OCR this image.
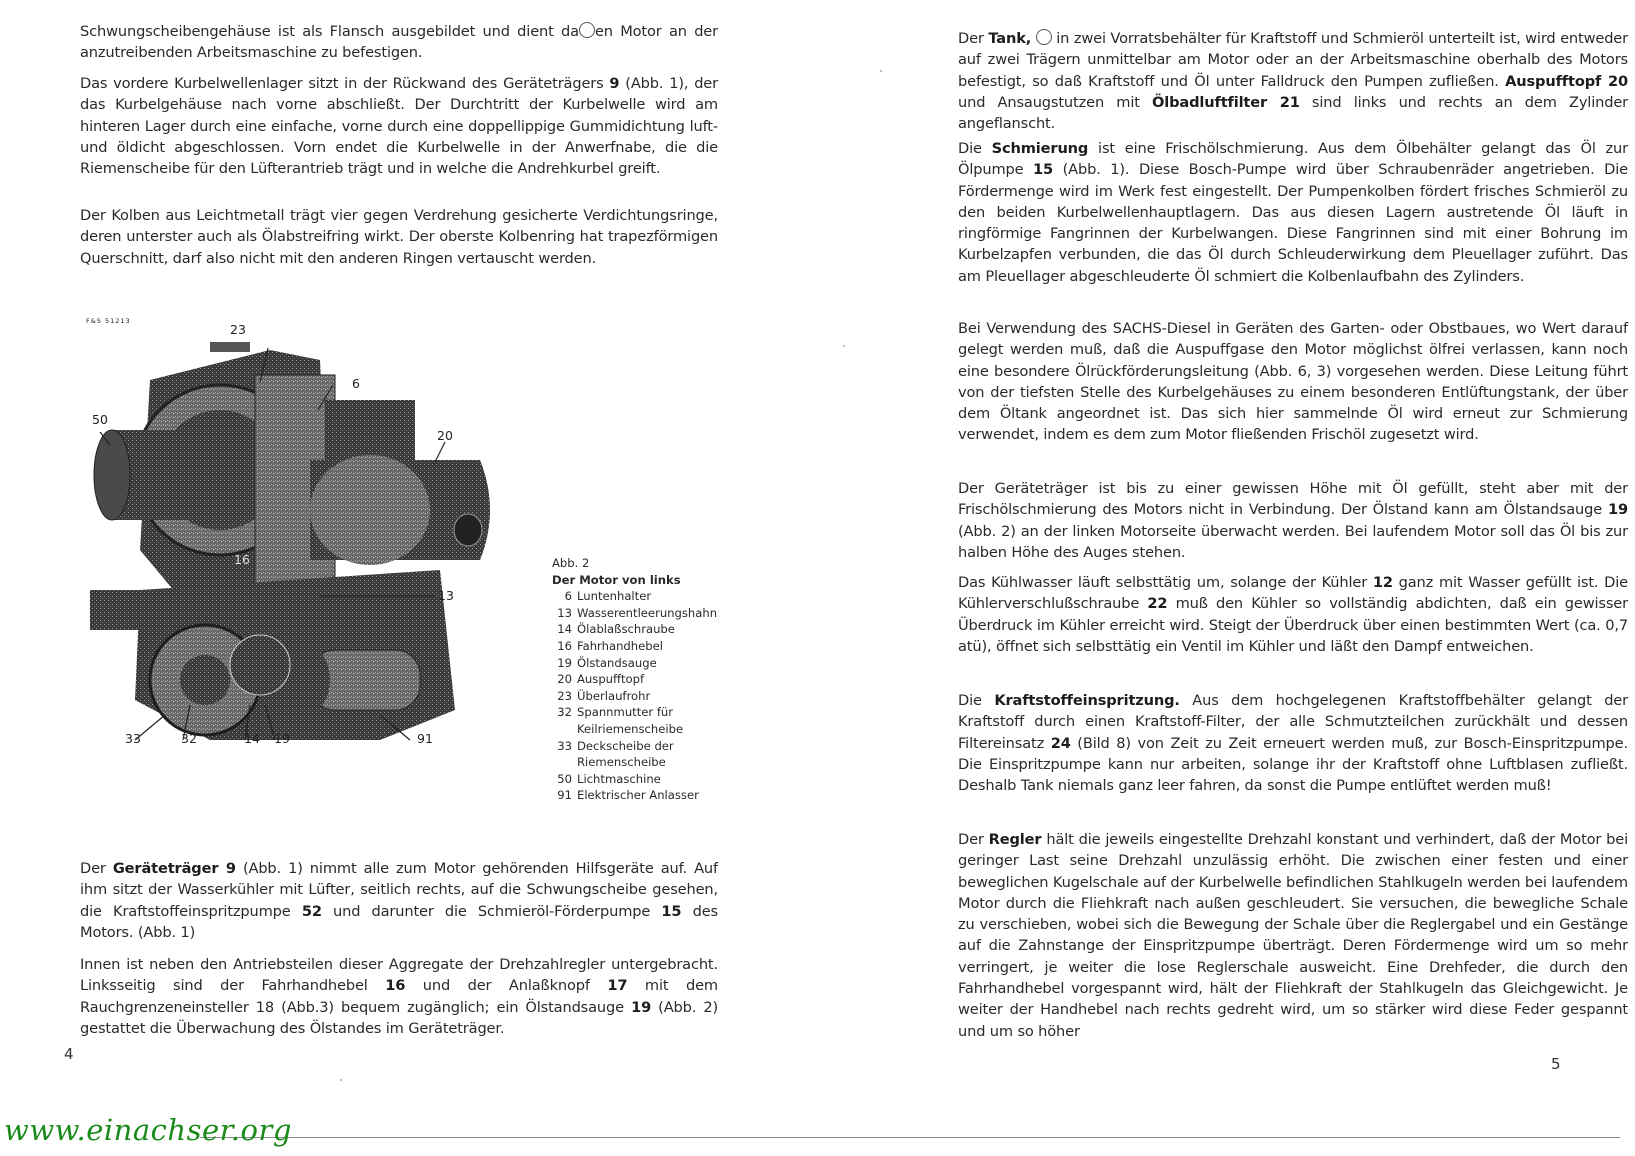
Schwungscheibengehäuse ist als Flansch ausgebildet und dient da en Motor an der anzutreibenden Arbeitsmaschine zu befestigen.

Das vordere Kurbelwellenlager sitzt in der Rückwand des Geräteträgers 9 (Abb. 1), der das Kurbelgehäuse nach vorne abschließt. Der Durchtritt der Kurbelwelle wird am hinteren Lager durch eine einfache, vorne durch eine doppellippige Gummidichtung luft- und öldicht abgeschlossen. Vorn endet die Kurbelwelle in der Anwerfnabe, die die Riemenscheibe für den Lüfterantrieb trägt und in welche die Andrehkurbel greift.

Der Kolben aus Leichtmetall trägt vier gegen Verdrehung gesicherte Verdichtungsringe, deren unterster auch als Ölabstreifring wirkt. Der oberste Kolbenring hat trapezförmigen Querschnitt, darf also nicht mit den anderen Ringen vertauscht werden.

F&S 51213
23
6
50
20
16
13
33	32	14 19	91
Abb. 2
Der Motor von links
6 Luntenhalter
13 Wasserentleerungshahn
14 Ölablaßschraube
16 Fahrhandhebel
19 Ölstandsauge
20 Auspufftopf
23 Überlaufrohr
32 Spannmutter für Keilriemenscheibe
33 Deckscheibe der Riemenscheibe
50 Lichtmaschine
91 Elektrischer Anlasser

Der Geräteträger 9 (Abb. 1) nimmt alle zum Motor gehörenden Hilfsgeräte auf. Auf ihm sitzt der Wasserkühler mit Lüfter, seitlich rechts, auf die Schwungscheibe gesehen, die Kraftstoffeinspritzpumpe 52 und darunter die Schmieröl-Förderpumpe 15 des Motors. (Abb. 1)

Innen ist neben den Antriebsteilen dieser Aggregate der Drehzahlregler untergebracht. Linksseitig sind der Fahrhandhebel 16 und der Anlaßknopf 17 mit dem Rauchgrenzeneinsteller 18 (Abb.3) bequem zugänglich; ein Ölstandsauge 19 (Abb. 2) gestattet die Überwachung des Ölstandes im Geräteträger.

4

Der Tank, in zwei Vorratsbehälter für Kraftstoff und Schmieröl unterteilt ist, wird entweder auf zwei Trägern unmittelbar am Motor oder an der Arbeitsmaschine oberhalb des Motors befestigt, so daß Kraftstoff und Öl unter Falldruck den Pumpen zufließen. Auspufftopf 20 und Ansaugstutzen mit Ölbadluftfilter 21 sind links und rechts an dem Zylinder angeflanscht.

Die Schmierung ist eine Frischölschmierung. Aus dem Ölbehälter gelangt das Öl zur Ölpumpe 15 (Abb. 1). Diese Bosch-Pumpe wird über Schraubenräder angetrieben. Die Fördermenge wird im Werk fest eingestellt. Der Pumpenkolben fördert frisches Schmieröl zu den beiden Kurbelwellenhauptlagern. Das aus diesen Lagern austretende Öl läuft in ringförmige Fangrinnen der Kurbelwangen. Diese Fangrinnen sind mit einer Bohrung im Kurbelzapfen verbunden, die das Öl durch Schleuderwirkung dem Pleuellager zuführt. Das am Pleuellager abgeschleuderte Öl schmiert die Kolbenlaufbahn des Zylinders.

Bei Verwendung des SACHS-Diesel in Geräten des Garten- oder Obstbaues, wo Wert darauf gelegt werden muß, daß die Auspuffgase den Motor möglichst ölfrei verlassen, kann noch eine besondere Ölrückförderungsleitung (Abb. 6, 3) vorgesehen werden. Diese Leitung führt von der tiefsten Stelle des Kurbelgehäuses zu einem besonderen Entlüftungstank, der über dem Öltank angeordnet ist. Das sich hier sammelnde Öl wird erneut zur Schmierung verwendet, indem es dem zum Motor fließenden Frischöl zugesetzt wird.

Der Geräteträger ist bis zu einer gewissen Höhe mit Öl gefüllt, steht aber mit der Frischölschmierung des Motors nicht in Verbindung. Der Ölstand kann am Ölstandsauge 19 (Abb. 2) an der linken Motorseite überwacht werden. Bei laufendem Motor soll das Öl bis zur halben Höhe des Auges stehen.

Das Kühlwasser läuft selbsttätig um, solange der Kühler 12 ganz mit Wasser gefüllt ist. Die Kühlerverschlußschraube 22 muß den Kühler so vollständig abdichten, daß ein gewisser Überdruck im Kühler erreicht wird. Steigt der Überdruck über einen bestimmten Wert (ca. 0,7 atü), öffnet sich selbsttätig ein Ventil im Kühler und läßt den Dampf entweichen.

Die Kraftstoffeinspritzung. Aus dem hochgelegenen Kraftstoffbehälter gelangt der Kraftstoff durch einen Kraftstoff-Filter, der alle Schmutzteilchen zurückhält und dessen Filtereinsatz 24 (Bild 8) von Zeit zu Zeit erneuert werden muß, zur Bosch-Einspritzpumpe. Die Einspritzpumpe kann nur arbeiten, solange ihr der Kraftstoff ohne Luftblasen zufließt. Deshalb Tank niemals ganz leer fahren, da sonst die Pumpe entlüftet werden muß!

Der Regler hält die jeweils eingestellte Drehzahl konstant und verhindert, daß der Motor bei geringer Last seine Drehzahl unzulässig erhöht. Die zwischen einer festen und einer beweglichen Kugelschale auf der Kurbelwelle befindlichen Stahlkugeln werden bei laufendem Motor durch die Fliehkraft nach außen geschleudert. Sie versuchen, die bewegliche Schale zu verschieben, wobei sich die Bewegung der Schale über die Reglergabel und ein Gestänge auf die Zahnstange der Einspritzpumpe überträgt. Deren Fördermenge wird um so mehr verringert, je weiter die lose Reglerschale ausweicht. Eine Drehfeder, die durch den Fahrhandhebel vorgespannt wird, hält der Fliehkraft der Stahlkugeln das Gleichgewicht. Je weiter der Handhebel nach rechts gedreht wird, um so stärker wird diese Feder gespannt und um so höher

5
www.einachser.org
